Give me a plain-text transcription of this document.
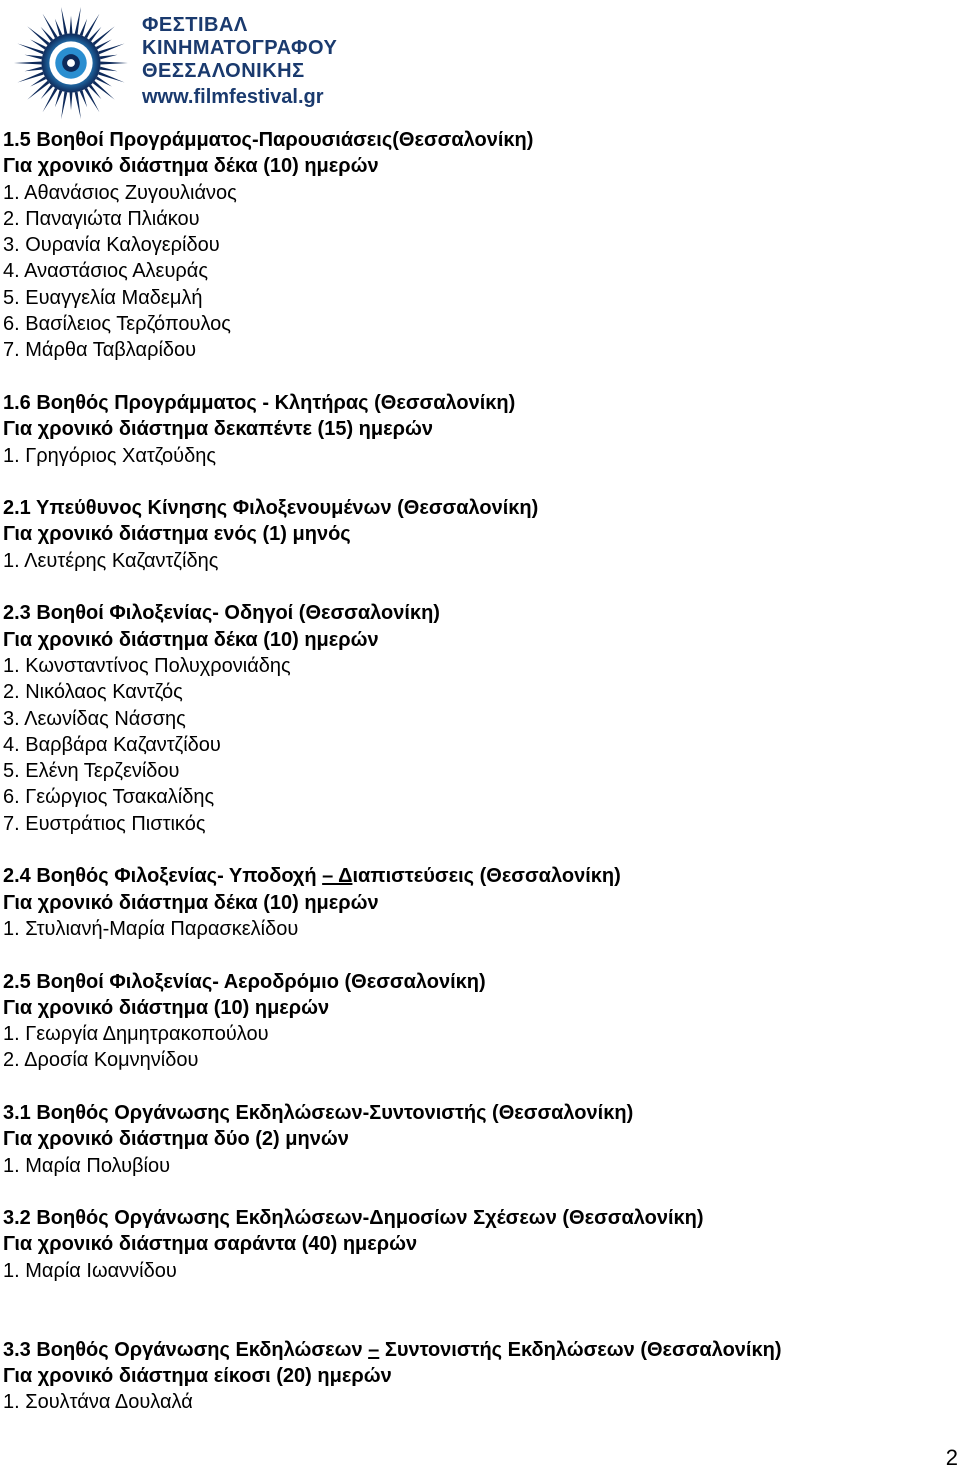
ΦΕΣΤΙΒΑΛ
ΚΙΝΗΜΑΤΟΓΡΑΦΟΥ
ΘΕΣΣΑΛΟΝΙΚΗΣ
www.filmfestival.gr
1.5 Βοηθοί Προγράμματος-Παρουσιάσεις(Θεσσαλονίκη)
Για χρονικό διάστημα δέκα (10) ημερών
1. Αθανάσιος Ζυγουλιάνος
2. Παναγιώτα Πλιάκου
3. Ουρανία Καλογερίδου
4. Αναστάσιος Αλευράς
5. Ευαγγελία Μαδεμλή
6. Βασίλειος Τερζόπουλος
7. Μάρθα Ταβλαρίδου
1.6 Βοηθός Προγράμματος - Κλητήρας (Θεσσαλονίκη)
Για χρονικό διάστημα δεκαπέντε (15) ημερών
1. Γρηγόριος Χατζούδης
2.1 Υπεύθυνος Κίνησης Φιλοξενουμένων (Θεσσαλονίκη)
Για χρονικό διάστημα ενός (1) μηνός
1. Λευτέρης Καζαντζίδης
2.3 Βοηθοί Φιλοξενίας- Οδηγοί (Θεσσαλονίκη)
Για χρονικό διάστημα δέκα (10) ημερών
1. Κωνσταντίνος Πολυχρονιάδης
2. Νικόλαος Καντζός
3. Λεωνίδας Νάσσης
4. Βαρβάρα Καζαντζίδου
5. Ελένη Τερζενίδου
6. Γεώργιος Τσακαλίδης
7. Ευστράτιος Πιστικός
2.4 Βοηθός Φιλοξενίας- Υποδοχή – Διαπιστεύσεις (Θεσσαλονίκη)
Για χρονικό διάστημα δέκα (10) ημερών
1. Στυλιανή-Μαρία Παρασκελίδου
2.5 Βοηθοί Φιλοξενίας- Αεροδρόμιο (Θεσσαλονίκη)
Για χρονικό διάστημα (10) ημερών
1. Γεωργία Δημητρακοπούλου
2. Δροσία Κομνηνίδου
3.1 Βοηθός Οργάνωσης Εκδηλώσεων-Συντονιστής (Θεσσαλονίκη)
Για χρονικό διάστημα δύο (2) μηνών
1. Μαρία Πολυβίου
3.2 Βοηθός Οργάνωσης Εκδηλώσεων-Δημοσίων Σχέσεων (Θεσσαλονίκη)
Για χρονικό διάστημα σαράντα (40) ημερών
1. Μαρία Ιωαννίδου
3.3 Βοηθός Οργάνωσης Εκδηλώσεων – Συντονιστής Εκδηλώσεων (Θεσσαλονίκη)
Για χρονικό διάστημα είκοσι (20) ημερών
1. Σουλτάνα Δουλαλά
2
